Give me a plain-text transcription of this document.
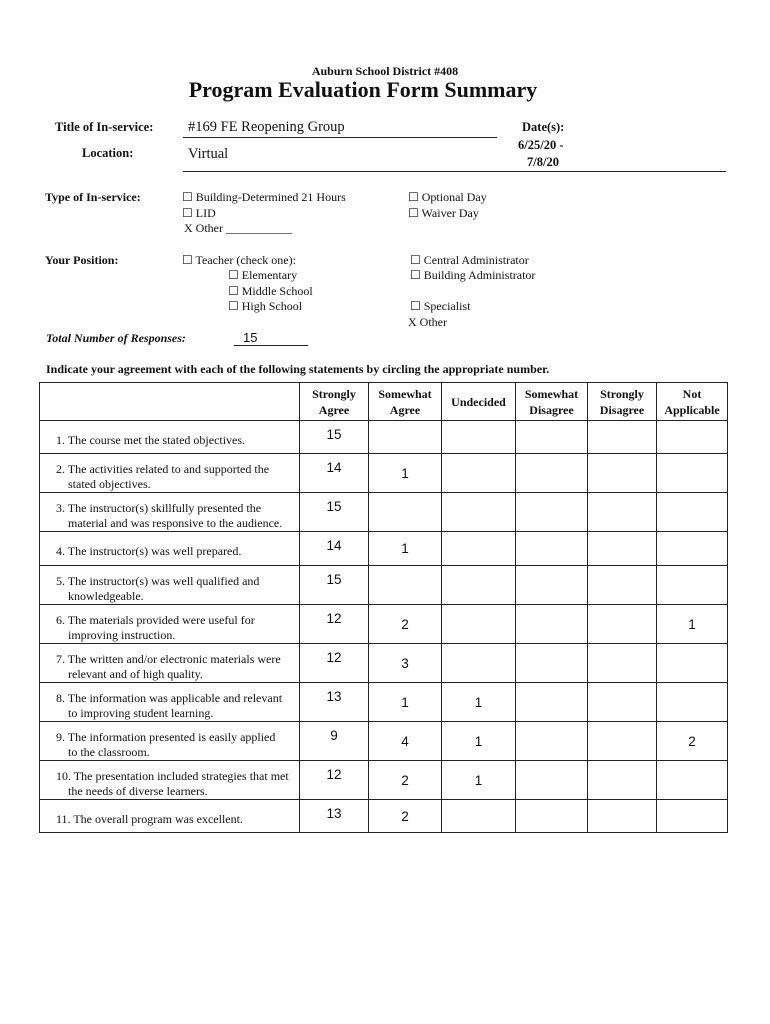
Auburn School District #408
Program Evaluation Form Summary
Title of In-service: #169 FE Reopening Group
Location:	Virtual
Date(s):
6/25/20 -
7/8/20
Type of In-service:	☐ Building-Determined 21 Hours
☐ LID
X Other ___________
☐ Optional Day
☐ Waiver Day
Your Position:	☐ Teacher (check one):
☐ Elementary
☐ Middle School
☐ High School
☐ Central Administrator
☐ Building Administrator
☐ Specialist
X Other
Total Number of Responses:	15
Indicate your agreement with each of the following statements by circling the appropriate number.
	Strongly
Agree	Somewhat
Agree	Undecided	Somewhat
Disagree	Strongly
Disagree	Not
Applicable

1. The course met the stated objectives.	15					

2. The activities related to and supported the
stated objectives.	14	1				

3. The instructor(s) skillfully presented the
material and was responsive to the audience.	15					

4. The instructor(s) was well prepared.	14	1				

5. The instructor(s) was well qualified and
knowledgeable.	15					

6. The materials provided were useful for
improving instruction.	12	2				1

7. The written and/or electronic materials were
relevant and of high quality.	12	3				

8. The information was applicable and relevant
to improving student learning.	13	1	1			

9. The information presented is easily applied
to the classroom.	9	4	1			2

10. The presentation included strategies that met
the needs of diverse learners.	12	2	1			

11. The overall program was excellent.	13	2				
